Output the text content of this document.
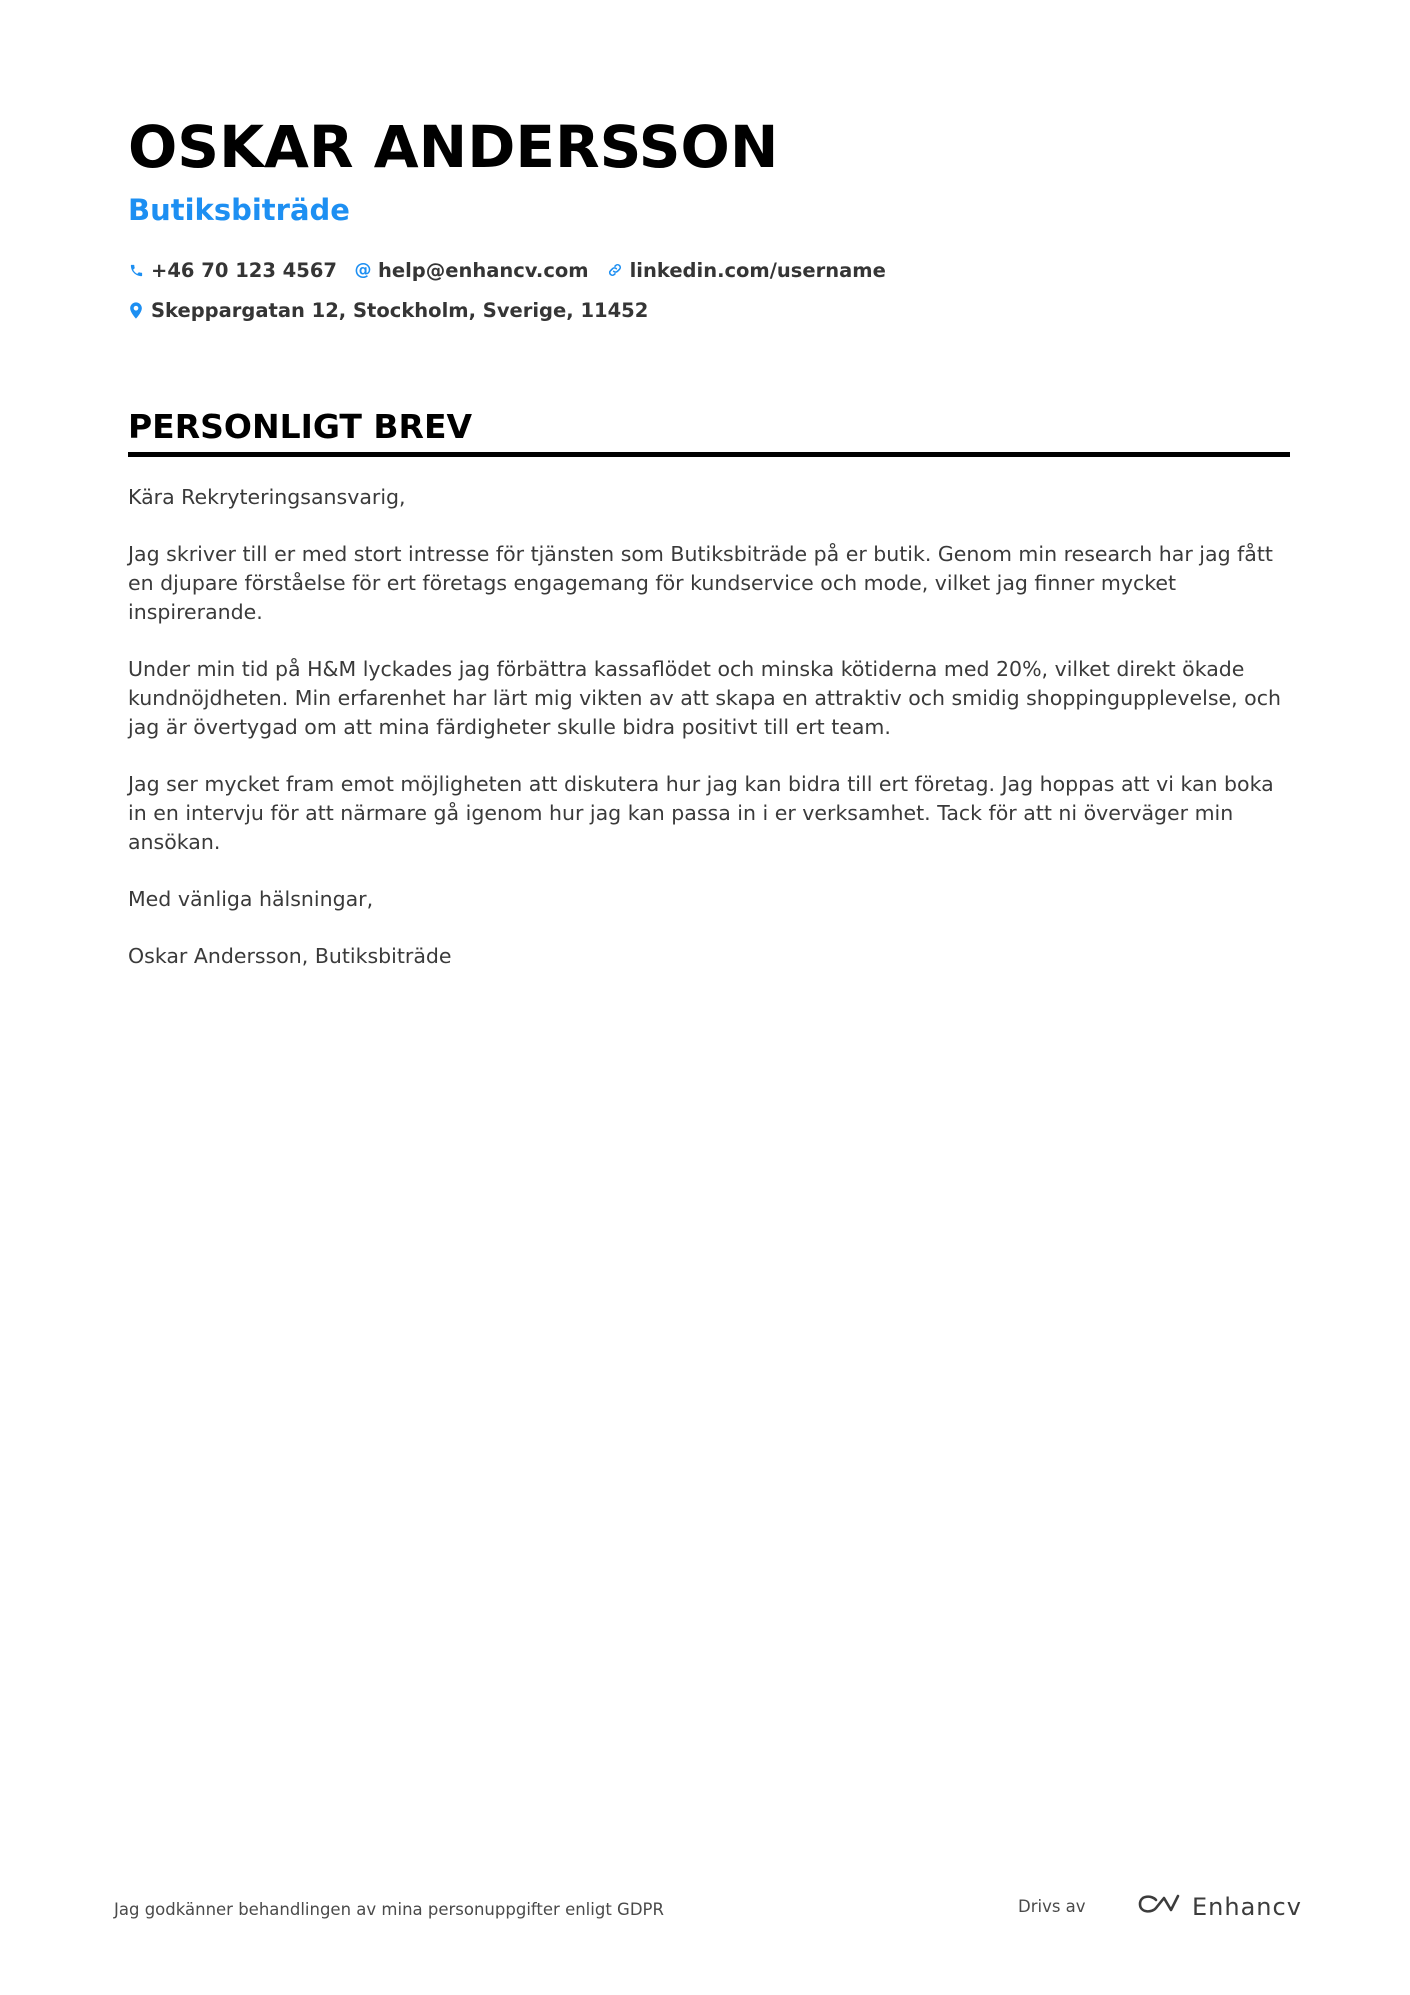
OSKAR ANDERSSON
Butiksbiträde
+46 70 123 4567 @ help@enhancv.com linkedin.com/username
Skeppargatan 12, Stockholm, Sverige, 11452
PERSONLIGT BREV

Kära Rekryteringsansvarig,

Jag skriver till er med stort intresse för tjänsten som Butiksbiträde på er butik. Genom min research har jag fått en djupare förståelse för ert företags engagemang för kundservice och mode, vilket jag finner mycket inspirerande.

Under min tid på H&M lyckades jag förbättra kassaflödet och minska kötiderna med 20%, vilket direkt ökade kundnöjdheten. Min erfarenhet har lärt mig vikten av att skapa en attraktiv och smidig shoppingupplevelse, och jag är övertygad om att mina färdigheter skulle bidra positivt till ert team.

Jag ser mycket fram emot möjligheten att diskutera hur jag kan bidra till ert företag. Jag hoppas att vi kan boka in en intervju för att närmare gå igenom hur jag kan passa in i er verksamhet. Tack för att ni överväger min ansökan.

Med vänliga hälsningar,

Oskar Andersson, Butiksbiträde

Jag godkänner behandlingen av mina personuppgifter enligt GDPR	Drivs av	Enhancv
